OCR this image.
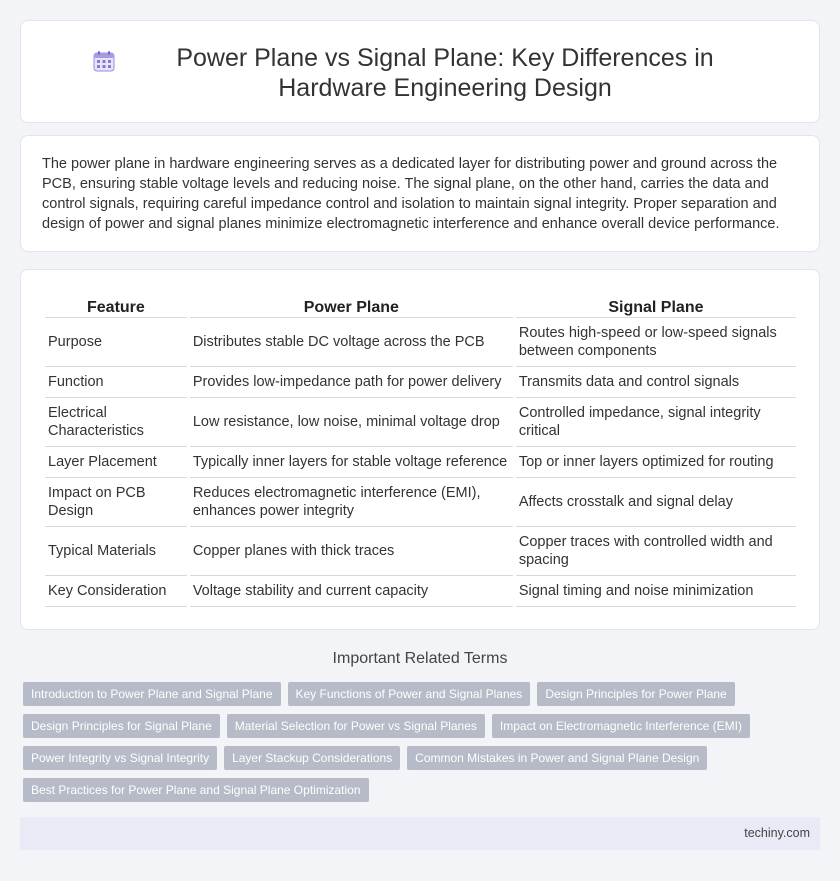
Power Plane vs Signal Plane: Key Differences in Hardware Engineering Design

The power plane in hardware engineering serves as a dedicated layer for distributing power and ground across the PCB, ensuring stable voltage levels and reducing noise. The signal plane, on the other hand, carries the data and control signals, requiring careful impedance control and isolation to maintain signal integrity. Proper separation and design of power and signal planes minimize electromagnetic interference and enhance overall device performance.

Feature	Power Plane	Signal Plane
Purpose	Distributes stable DC voltage across the PCB	Routes high-speed or low-speed signals between components
Function	Provides low-impedance path for power delivery	Transmits data and control signals
Electrical Characteristics	Low resistance, low noise, minimal voltage drop	Controlled impedance, signal integrity critical
Layer Placement	Typically inner layers for stable voltage reference	Top or inner layers optimized for routing
Impact on PCB Design	Reduces electromagnetic interference (EMI), enhances power integrity	Affects crosstalk and signal delay
Typical Materials	Copper planes with thick traces	Copper traces with controlled width and spacing
Key Consideration	Voltage stability and current capacity	Signal timing and noise minimization
Important Related Terms
Introduction to Power Plane and Signal Plane	Key Functions of Power and Signal Planes	Design Principles for Power Plane
Design Principles for Signal Plane	Material Selection for Power vs Signal Planes	Impact on Electromagnetic Interference (EMI)
Power Integrity vs Signal Integrity	Layer Stackup Considerations	Common Mistakes in Power and Signal Plane Design
Best Practices for Power Plane and Signal Plane Optimization
techiny.com
